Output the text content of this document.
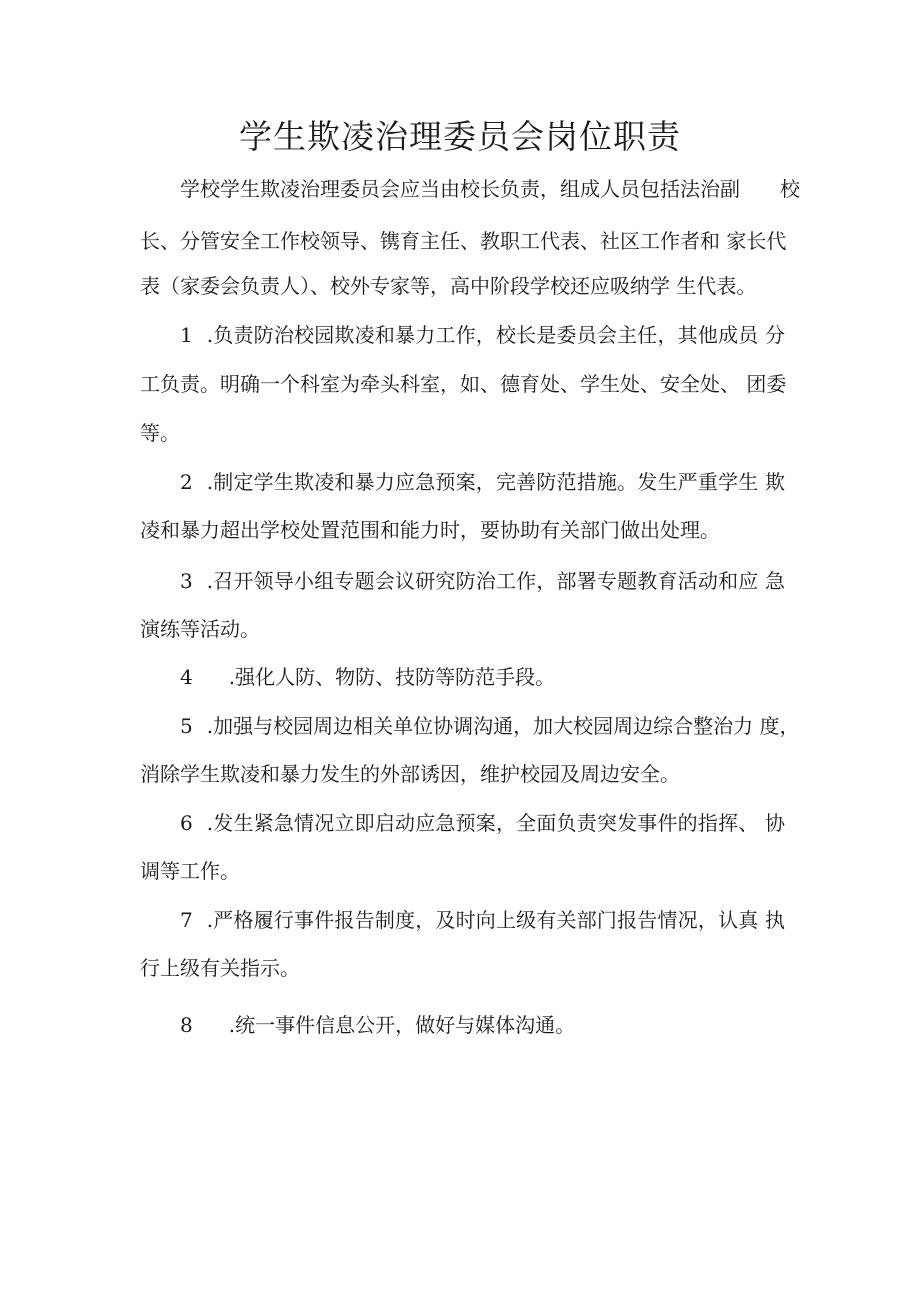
学生欺凌治理委员会岗位职责

学校学生欺凌治理委员会应当由校长负责，组成人员包括法治副　　校

长、分管安全工作校领导、镌育主任、教职工代表、社区工作者和 家长代

表（家委会负责人）、校外专家等，高中阶段学校还应吸纳学 生代表。

1 .负责防治校园欺凌和暴力工作，校长是委员会主任，其他成员 分

工负责。明确一个科室为牵头科室，如、德育处、学生处、安全处、 团委

等。

2 .制定学生欺凌和暴力应急预案，完善防范措施。发生严重学生 欺

凌和暴力超出学校处置范围和能力时，要协助有关部门做出处理。

3 .召开领导小组专题会议研究防治工作，部署专题教育活动和应 急

演练等活动。

4 .强化人防、物防、技防等防范手段。

5 .加强与校园周边相关单位协调沟通，加大校园周边综合整治力 度，

消除学生欺凌和暴力发生的外部诱因，维护校园及周边安全。

6 .发生紧急情况立即启动应急预案，全面负责突发事件的指挥、 协

调等工作。

7 .严格履行事件报告制度，及时向上级有关部门报告情况，认真 执

行上级有关指示。

8 .统一事件信息公开，做好与媒体沟通。
